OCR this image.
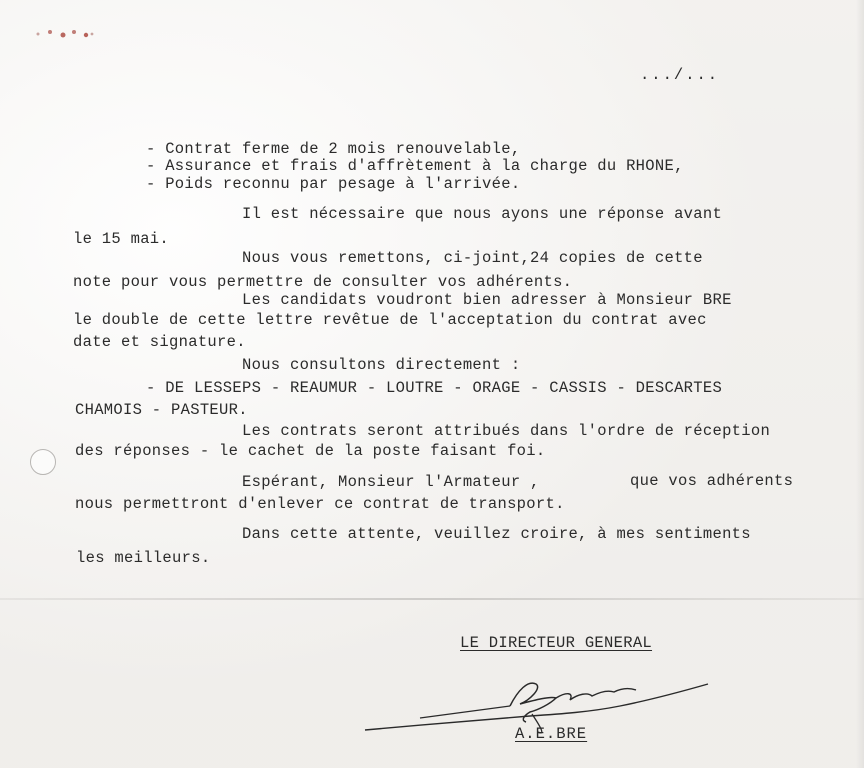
.../...
- Contrat ferme de 2 mois renouvelable,
- Assurance et frais d'affrètement à la charge du RHONE,
- Poids reconnu par pesage à l'arrivée.
Il est nécessaire que nous ayons une réponse avant
le 15 mai.
Nous vous remettons, ci-joint,24 copies de cette
note pour vous permettre de consulter vos adhérents.
Les candidats voudront bien adresser à Monsieur BRE
le double de cette lettre revêtue de l'acceptation du contrat avec
date et signature.
Nous consultons directement :
- DE LESSEPS - REAUMUR - LOUTRE - ORAGE - CASSIS - DESCARTES
CHAMOIS - PASTEUR.
Les contrats seront attribués dans l'ordre de réception
des réponses - le cachet de la poste faisant foi.
Espérant, Monsieur l'Armateur ,	que vos adhérents
nous permettront d'enlever ce contrat de transport.
Dans cette attente, veuillez croire, à mes sentiments
les meilleurs.
LE DIRECTEUR GENERAL
A.E.BRE
